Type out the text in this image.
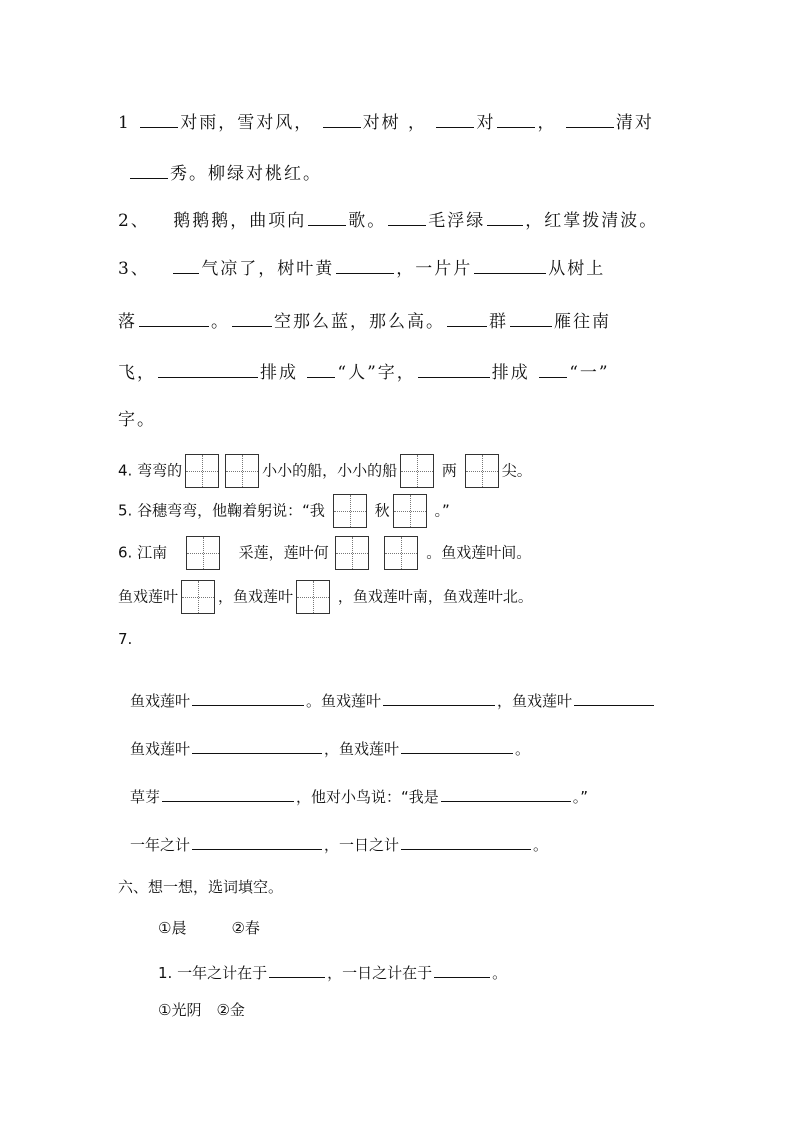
1	对雨，雪对风，	对树 ，	对 ，	清对
秀。柳绿对桃红。
2、 鹅鹅鹅，曲项向 歌。 毛浮绿 ，红掌拨清波。
3、	气凉了，树叶黄	，一片片	从树上
落	。	空那么蓝，那么高。	群	雁往南
飞，	排成 “人”字，	排成 “一”
字。
4. 弯弯的	小小的船，小小的船	两	尖。
5. 谷穗弯弯，他鞠着躬说：“我	秋	。”
6. 江南	采莲，莲叶何	。鱼戏莲叶间。
鱼戏莲叶	，鱼戏莲叶	，鱼戏莲叶南，鱼戏莲叶北。
7.
鱼戏莲叶	。鱼戏莲叶	，鱼戏莲叶
鱼戏莲叶	，鱼戏莲叶	。
草芽	，他对小鸟说：“我是	。”
一年之计	，一日之计	。
六、想一想，选词填空。
①晨　　　②春
1. 一年之计在于	，一日之计在于	。
①光阴　②金
